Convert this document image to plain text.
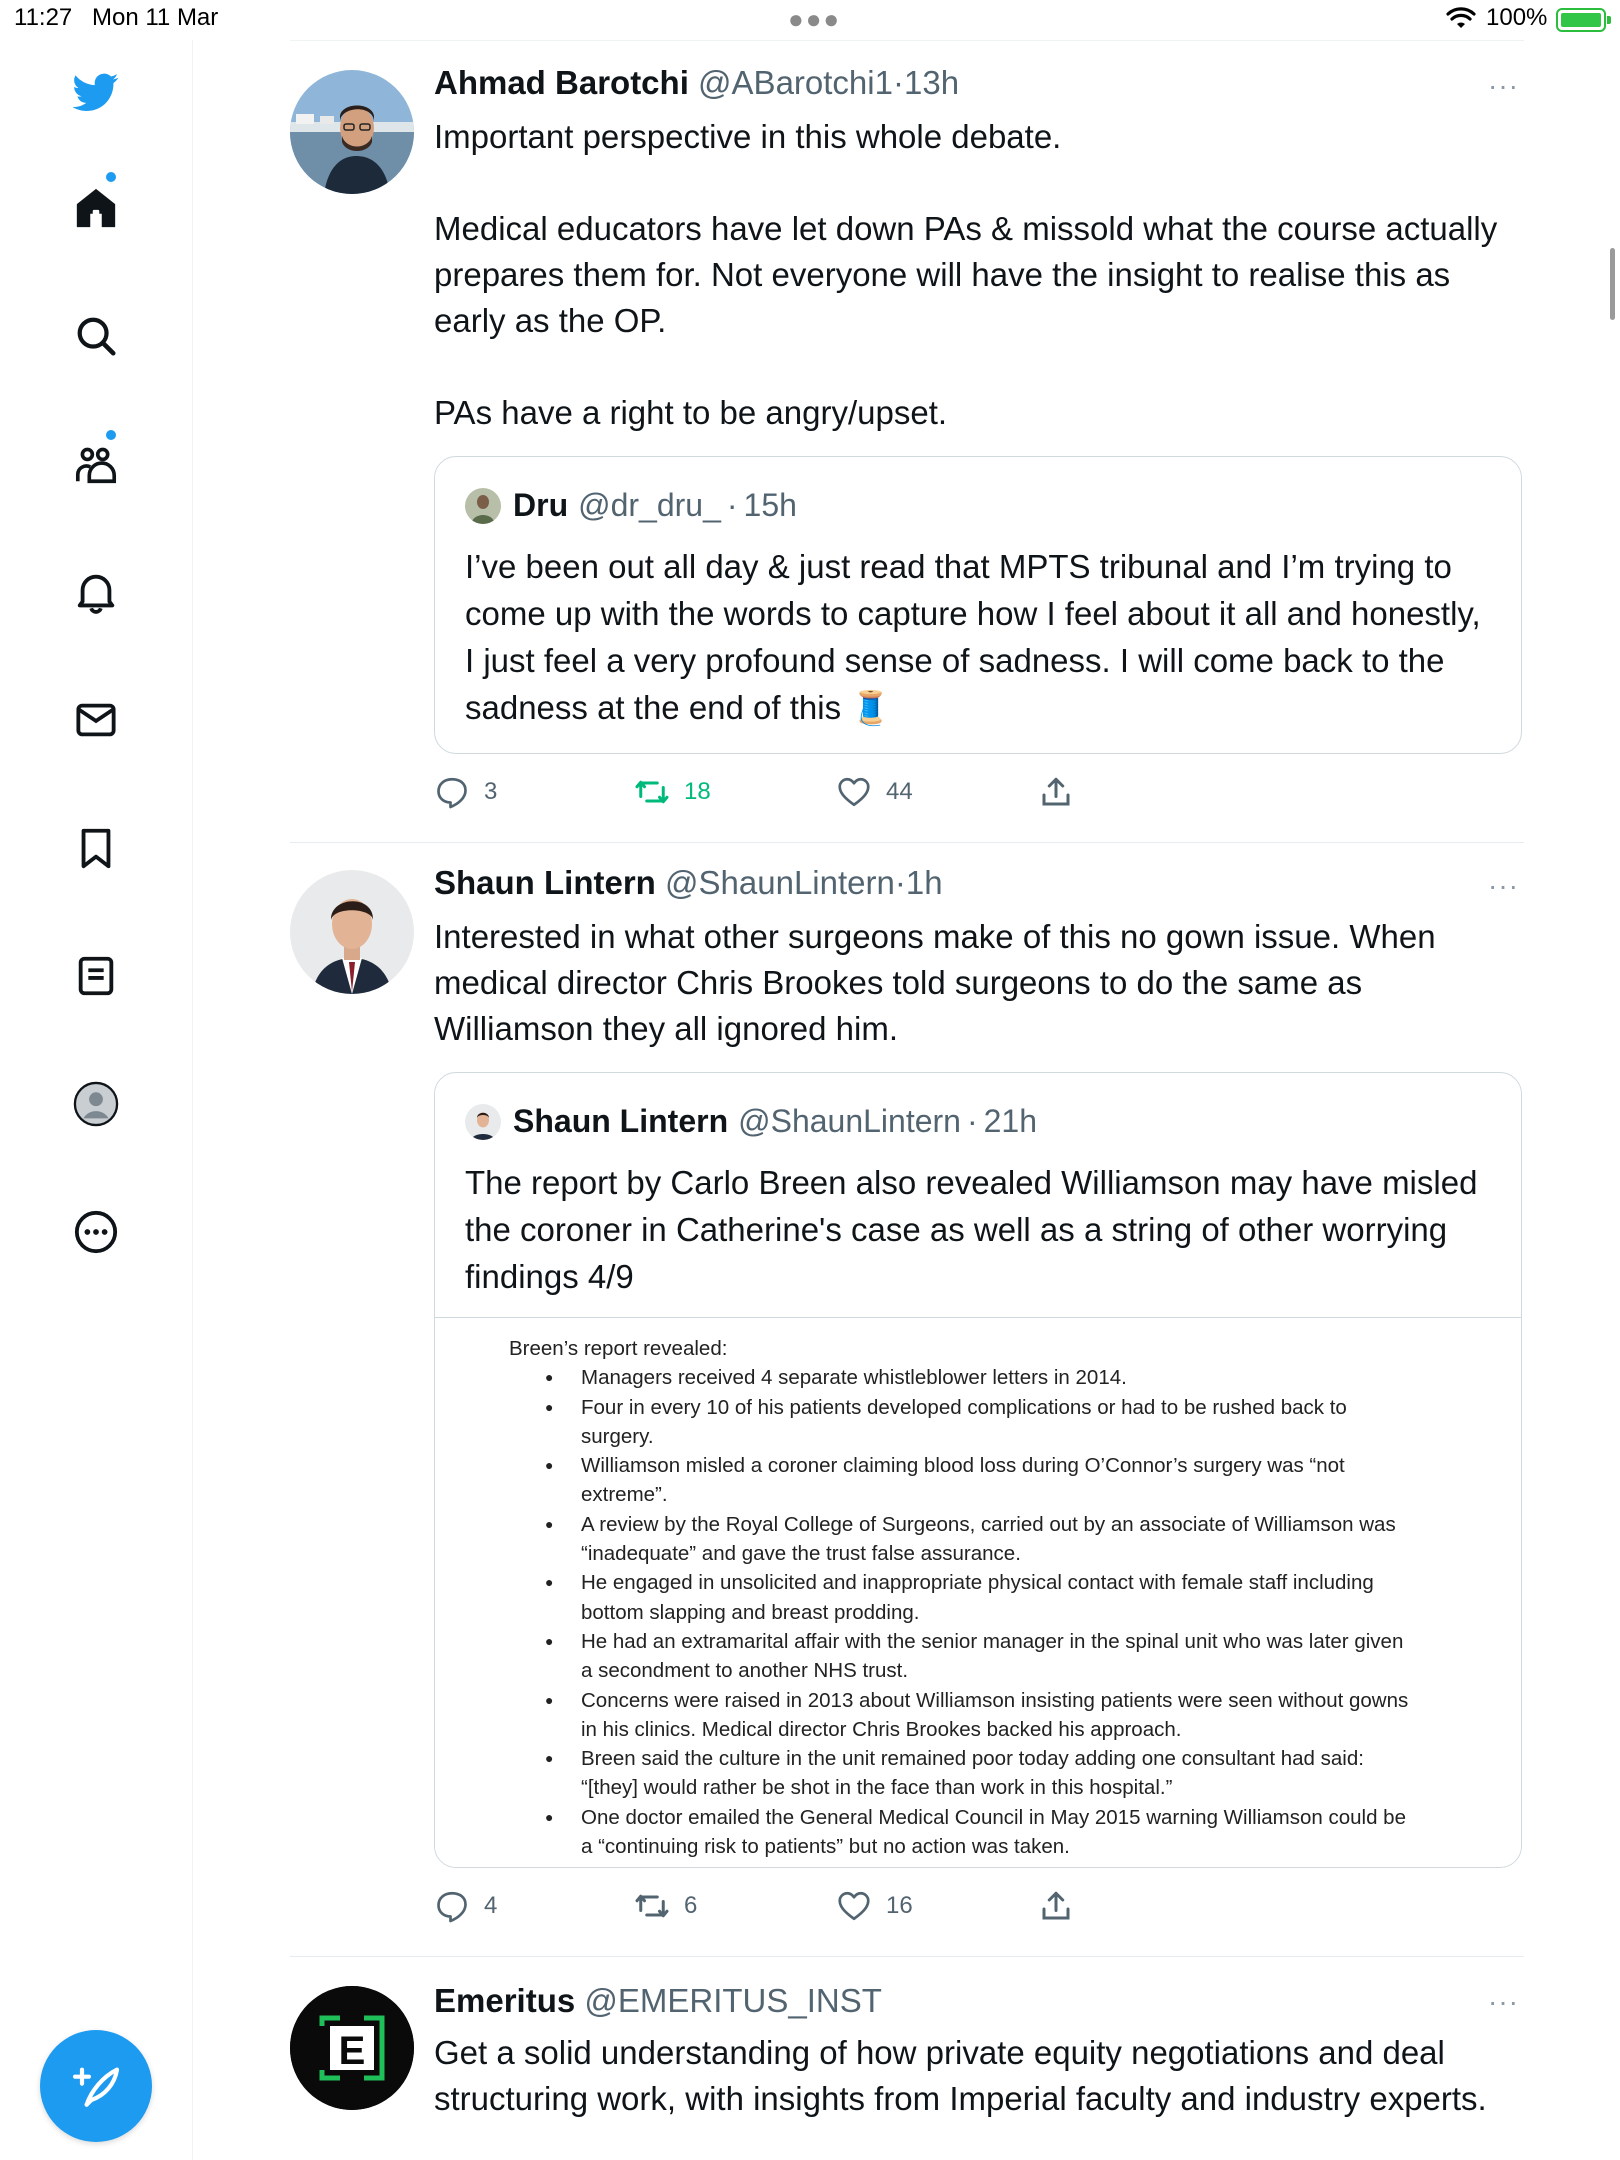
11:27 Mon 11 Mar	●●●	100%
Ahmad Barotchi @ABarotchi1·13h	···

Important perspective in this whole debate.

Medical educators have let down PAs & missold what the course actually prepares them for. Not everyone will have the insight to realise this as early as the OP.

PAs have a right to be angry/upset.

Dru @dr_dru_ · 15h
I’ve been out all day & just read that MPTS tribunal and I’m trying to come up with the words to capture how I feel about it all and honestly, I just feel a very profound sense of sadness. I will come back to the sadness at the end of this 🧵
3	18	44
Shaun Lintern @ShaunLintern·1h	···

Interested in what other surgeons make of this no gown issue. When medical director Chris Brookes told surgeons to do the same as Williamson they all ignored him.

Shaun Lintern @ShaunLintern · 21h
The report by Carlo Breen also revealed Williamson may have misled the coroner in Catherine's case as well as a string of other worrying findings 4/9
Breen’s report revealed:
● Managers received 4 separate whistleblower letters in 2014.
● Four in every 10 of his patients developed complications or had to be rushed back to surgery.
● Williamson misled a coroner claiming blood loss during O’Connor’s surgery was “not extreme”.
● A review by the Royal College of Surgeons, carried out by an associate of Williamson was “inadequate” and gave the trust false assurance.
● He engaged in unsolicited and inappropriate physical contact with female staff including bottom slapping and breast prodding.
● He had an extramarital affair with the senior manager in the spinal unit who was later given a secondment to another NHS trust.
● Concerns were raised in 2013 about Williamson insisting patients were seen without gowns in his clinics. Medical director Chris Brookes backed his approach.
● Breen said the culture in the unit remained poor today adding one consultant had said: “[they] would rather be shot in the face than work in this hospital.”
● One doctor emailed the General Medical Council in May 2015 warning Williamson could be a “continuing risk to patients” but no action was taken.
4	6	16
E
Emeritus @EMERITUS_INST	···

Get a solid understanding of how private equity negotiations and deal structuring work, with insights from Imperial faculty and industry experts.
